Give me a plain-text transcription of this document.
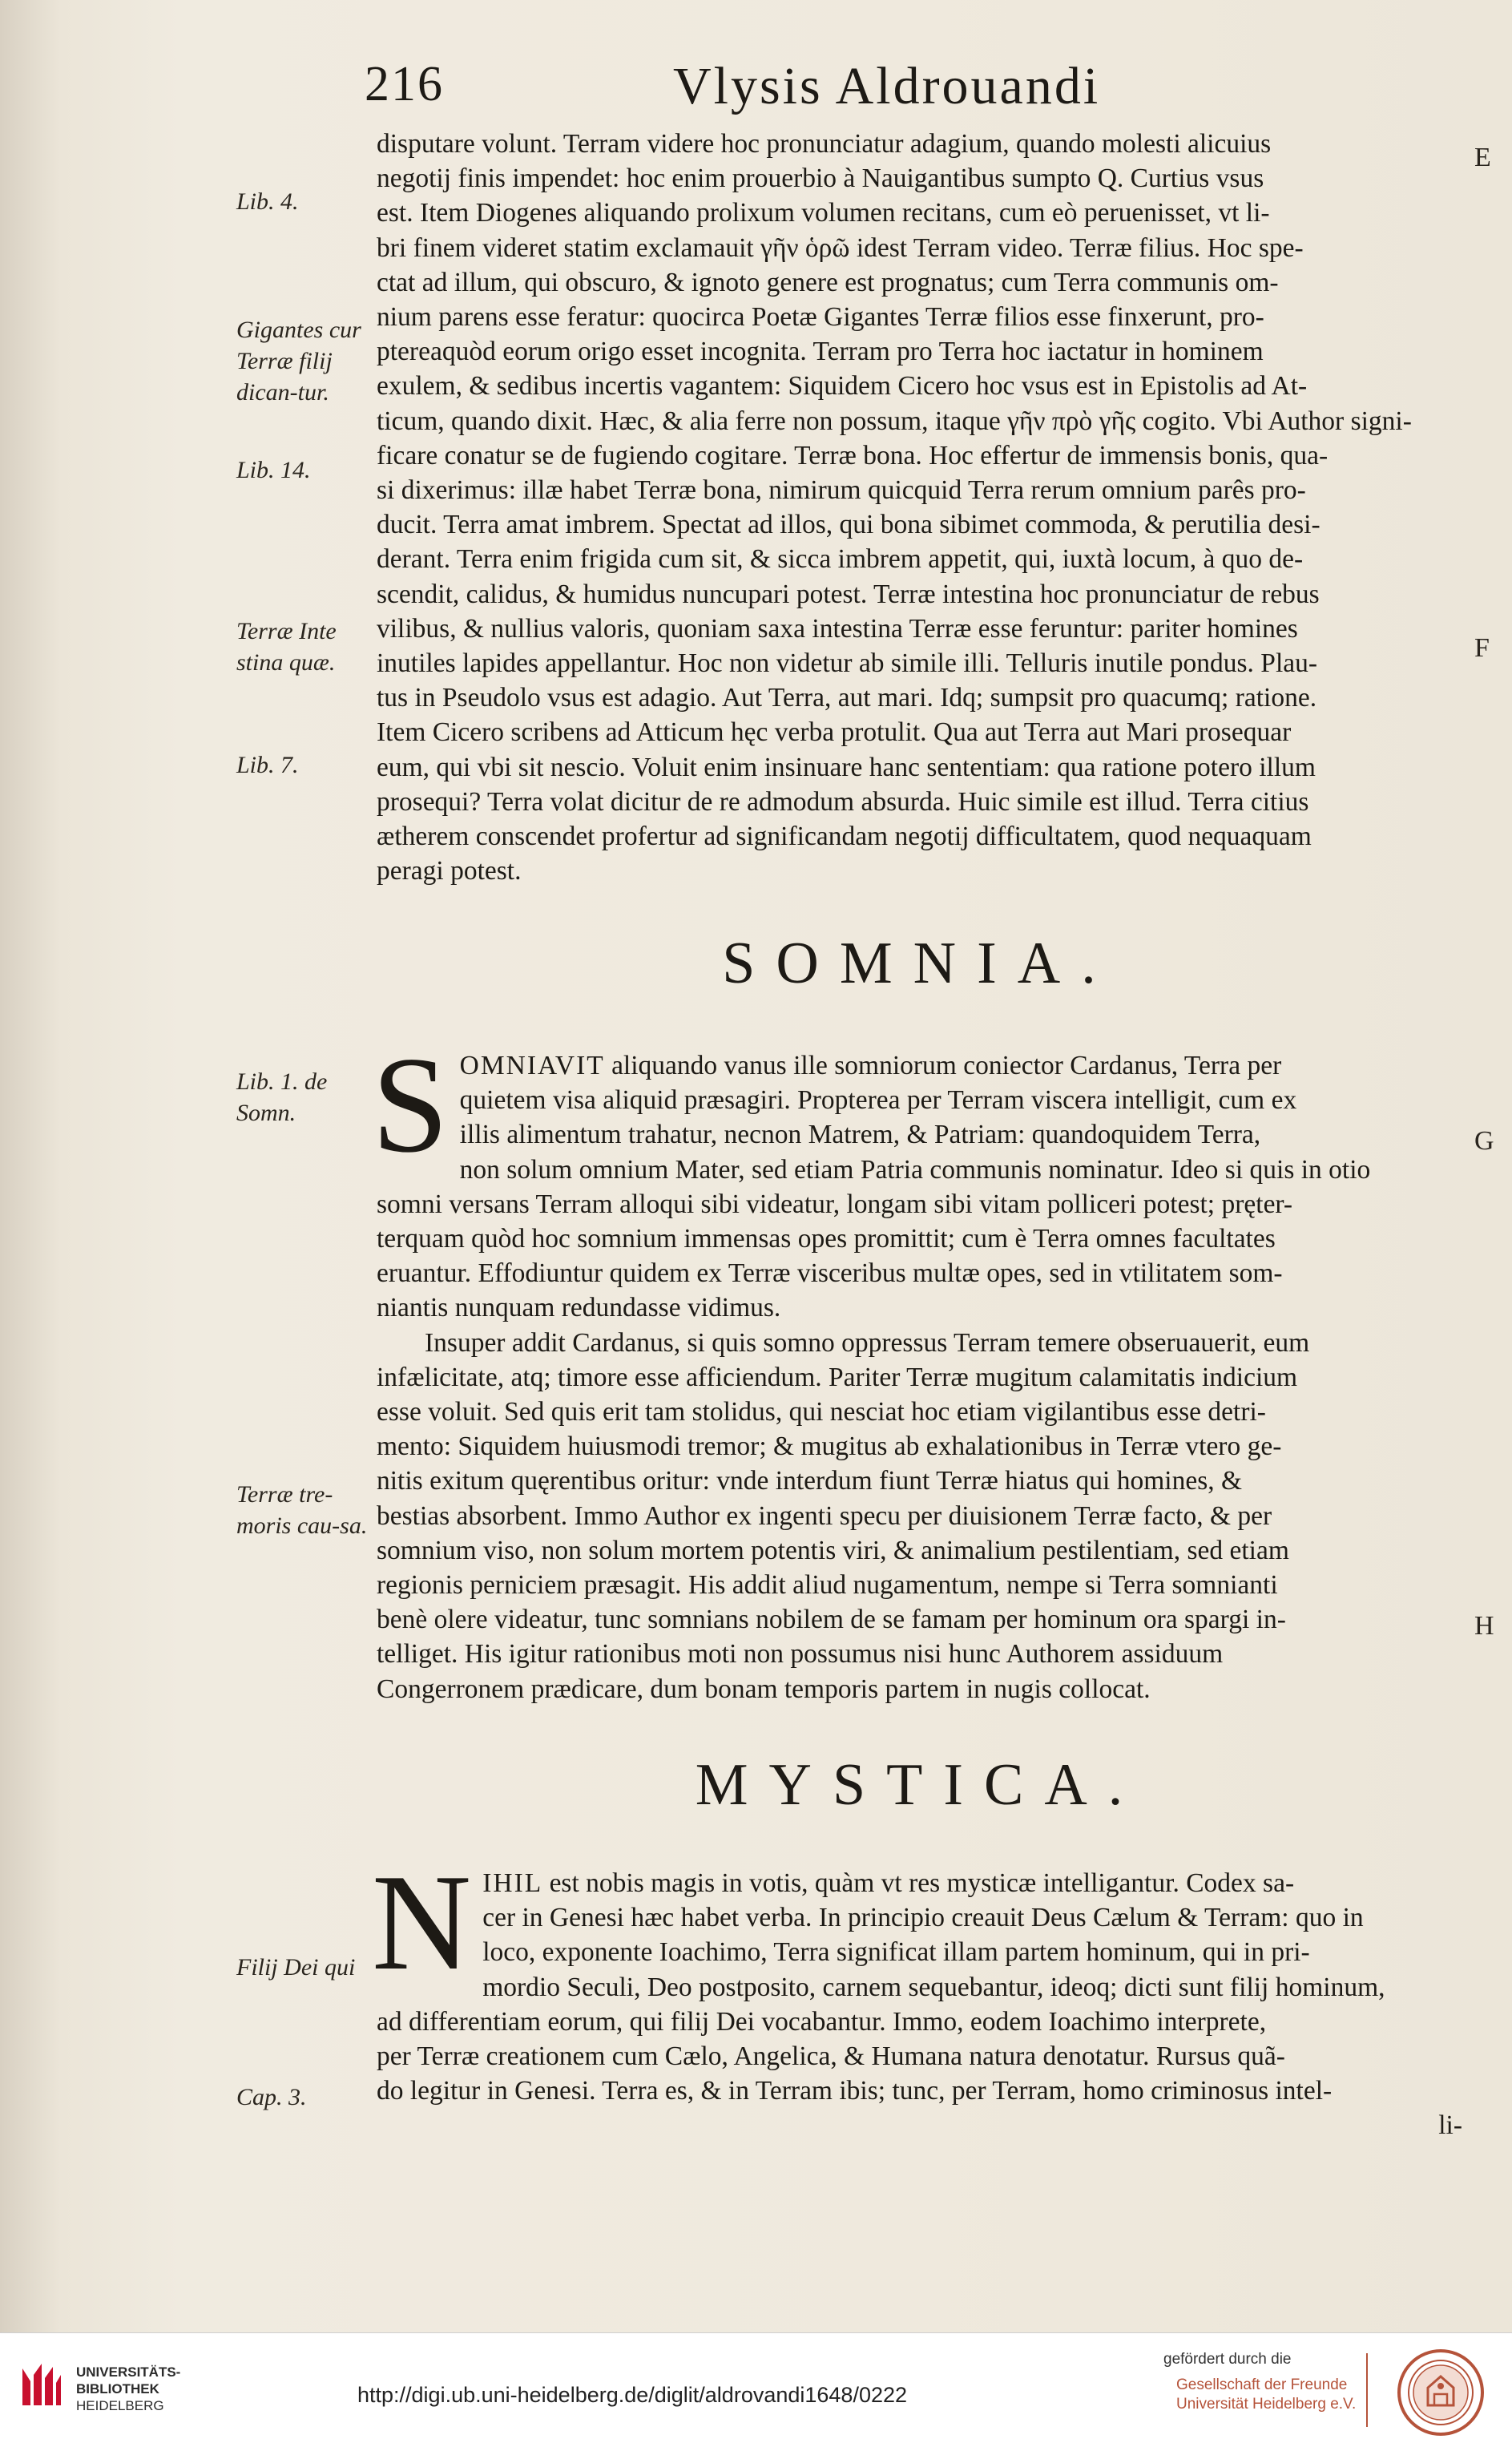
216	Vlysis Aldrouandi

disputare volunt. Terram videre hoc pronunciatur adagium, quando molesti alicuius

negotij finis impendet: hoc enim prouerbio à Nauigantibus sumpto Q. Curtius vsus

est. Item Diogenes aliquando prolixum volumen recitans, cum eò peruenisset, vt li-

bri finem videret statim exclamauit γῆν ὁρῶ idest Terram video. Terræ filius. Hoc spe-

ctat ad illum, qui obscuro, & ignoto genere est prognatus; cum Terra communis om-

nium parens esse feratur: quocirca Poetæ Gigantes Terræ filios esse finxerunt, pro-

ptereaquòd eorum origo esset incognita. Terram pro Terra hoc iactatur in hominem

exulem, & sedibus incertis vagantem: Siquidem Cicero hoc vsus est in Epistolis ad At-

ticum, quando dixit. Hæc, & alia ferre non possum, itaque γῆν πρὸ γῆς cogito. Vbi Author signi-

ficare conatur se de fugiendo cogitare. Terræ bona. Hoc effertur de immensis bonis, qua-

si dixerimus: illæ habet Terræ bona, nimirum quicquid Terra rerum omnium parês pro-

ducit. Terra amat imbrem. Spectat ad illos, qui bona sibimet commoda, & perutilia desi-

derant. Terra enim frigida cum sit, & sicca imbrem appetit, qui, iuxtà locum, à quo de-

scendit, calidus, & humidus nuncupari potest. Terræ intestina hoc pronunciatur de rebus

vilibus, & nullius valoris, quoniam saxa intestina Terræ esse feruntur: pariter homines

inutiles lapides appellantur. Hoc non videtur ab simile illi. Telluris inutile pondus. Plau-

tus in Pseudolo vsus est adagio. Aut Terra, aut mari. Idq; sumpsit pro quacumq; ratione.

Item Cicero scribens ad Atticum hęc verba protulit. Qua aut Terra aut Mari prosequar

eum, qui vbi sit nescio. Voluit enim insinuare hanc sententiam: qua ratione potero illum

prosequi? Terra volat dicitur de re admodum absurda. Huic simile est illud. Terra citius

ætherem conscendet profertur ad significandam negotij difficultatem, quod nequaquam

peragi potest.

SOMNIA.
S OMNIAVIT aliquando vanus ille somniorum coniector Cardanus, Terra per

quietem visa aliquid præsagiri. Propterea per Terram viscera intelligit, cum ex

illis alimentum trahatur, necnon Matrem, & Patriam: quandoquidem Terra,

non solum omnium Mater, sed etiam Patria communis nominatur. Ideo si quis in otio

somni versans Terram alloqui sibi videatur, longam sibi vitam polliceri potest; pręter-

terquam quòd hoc somnium immensas opes promittit; cum è Terra omnes facultates

eruantur. Effodiuntur quidem ex Terræ visceribus multæ opes, sed in vtilitatem som-

niantis nunquam redundasse vidimus.

Insuper addit Cardanus, si quis somno oppressus Terram temere obseruauerit, eum

infælicitate, atq; timore esse afficiendum. Pariter Terræ mugitum calamitatis indicium

esse voluit. Sed quis erit tam stolidus, qui nesciat hoc etiam vigilantibus esse detri-

mento: Siquidem huiusmodi tremor; & mugitus ab exhalationibus in Terræ vtero ge-

nitis exitum quęrentibus oritur: vnde interdum fiunt Terræ hiatus qui homines, &

bestias absorbent. Immo Author ex ingenti specu per diuisionem Terræ facto, & per

somnium viso, non solum mortem potentis viri, & animalium pestilentiam, sed etiam

regionis perniciem præsagit. His addit aliud nugamentum, nempe si Terra somnianti

benè olere videatur, tunc somnians nobilem de se famam per hominum ora spargi in-

telliget. His igitur rationibus moti non possumus nisi hunc Authorem assiduum

Congerronem prædicare, dum bonam temporis partem in nugis collocat.

MYSTICA.
N IHIL est nobis magis in votis, quàm vt res mysticæ intelligantur. Codex sa-

cer in Genesi hæc habet verba. In principio creauit Deus Cælum & Terram: quo in

loco, exponente Ioachimo, Terra significat illam partem hominum, qui in pri-

mordio Seculi, Deo postposito, carnem sequebantur, ideoq; dicti sunt filij hominum,

ad differentiam eorum, qui filij Dei vocabantur. Immo, eodem Ioachimo interprete,

per Terræ creationem cum Cælo, Angelica, & Humana natura denotatur. Rursus quã-

do legitur in Genesi. Terra es, & in Terram ibis; tunc, per Terram, homo criminosus intel-

li-

Lib. 4.
Gigantes cur Terræ filij dican-tur.
Lib. 14.
Terræ Inte stina quæ.
Lib. 7.
Lib. 1. de Somn.
Terræ tre-moris cau-sa.
Filij Dei qui
Cap. 3.
E
F
G
H
UNIVERSITÄTS-
BIBLIOTHEK
HEIDELBERG	http://digi.ub.uni-heidelberg.de/diglit/aldrovandi1648/0222
gefördert durch die
Gesellschaft der Freunde
Universität Heidelberg e.V.
